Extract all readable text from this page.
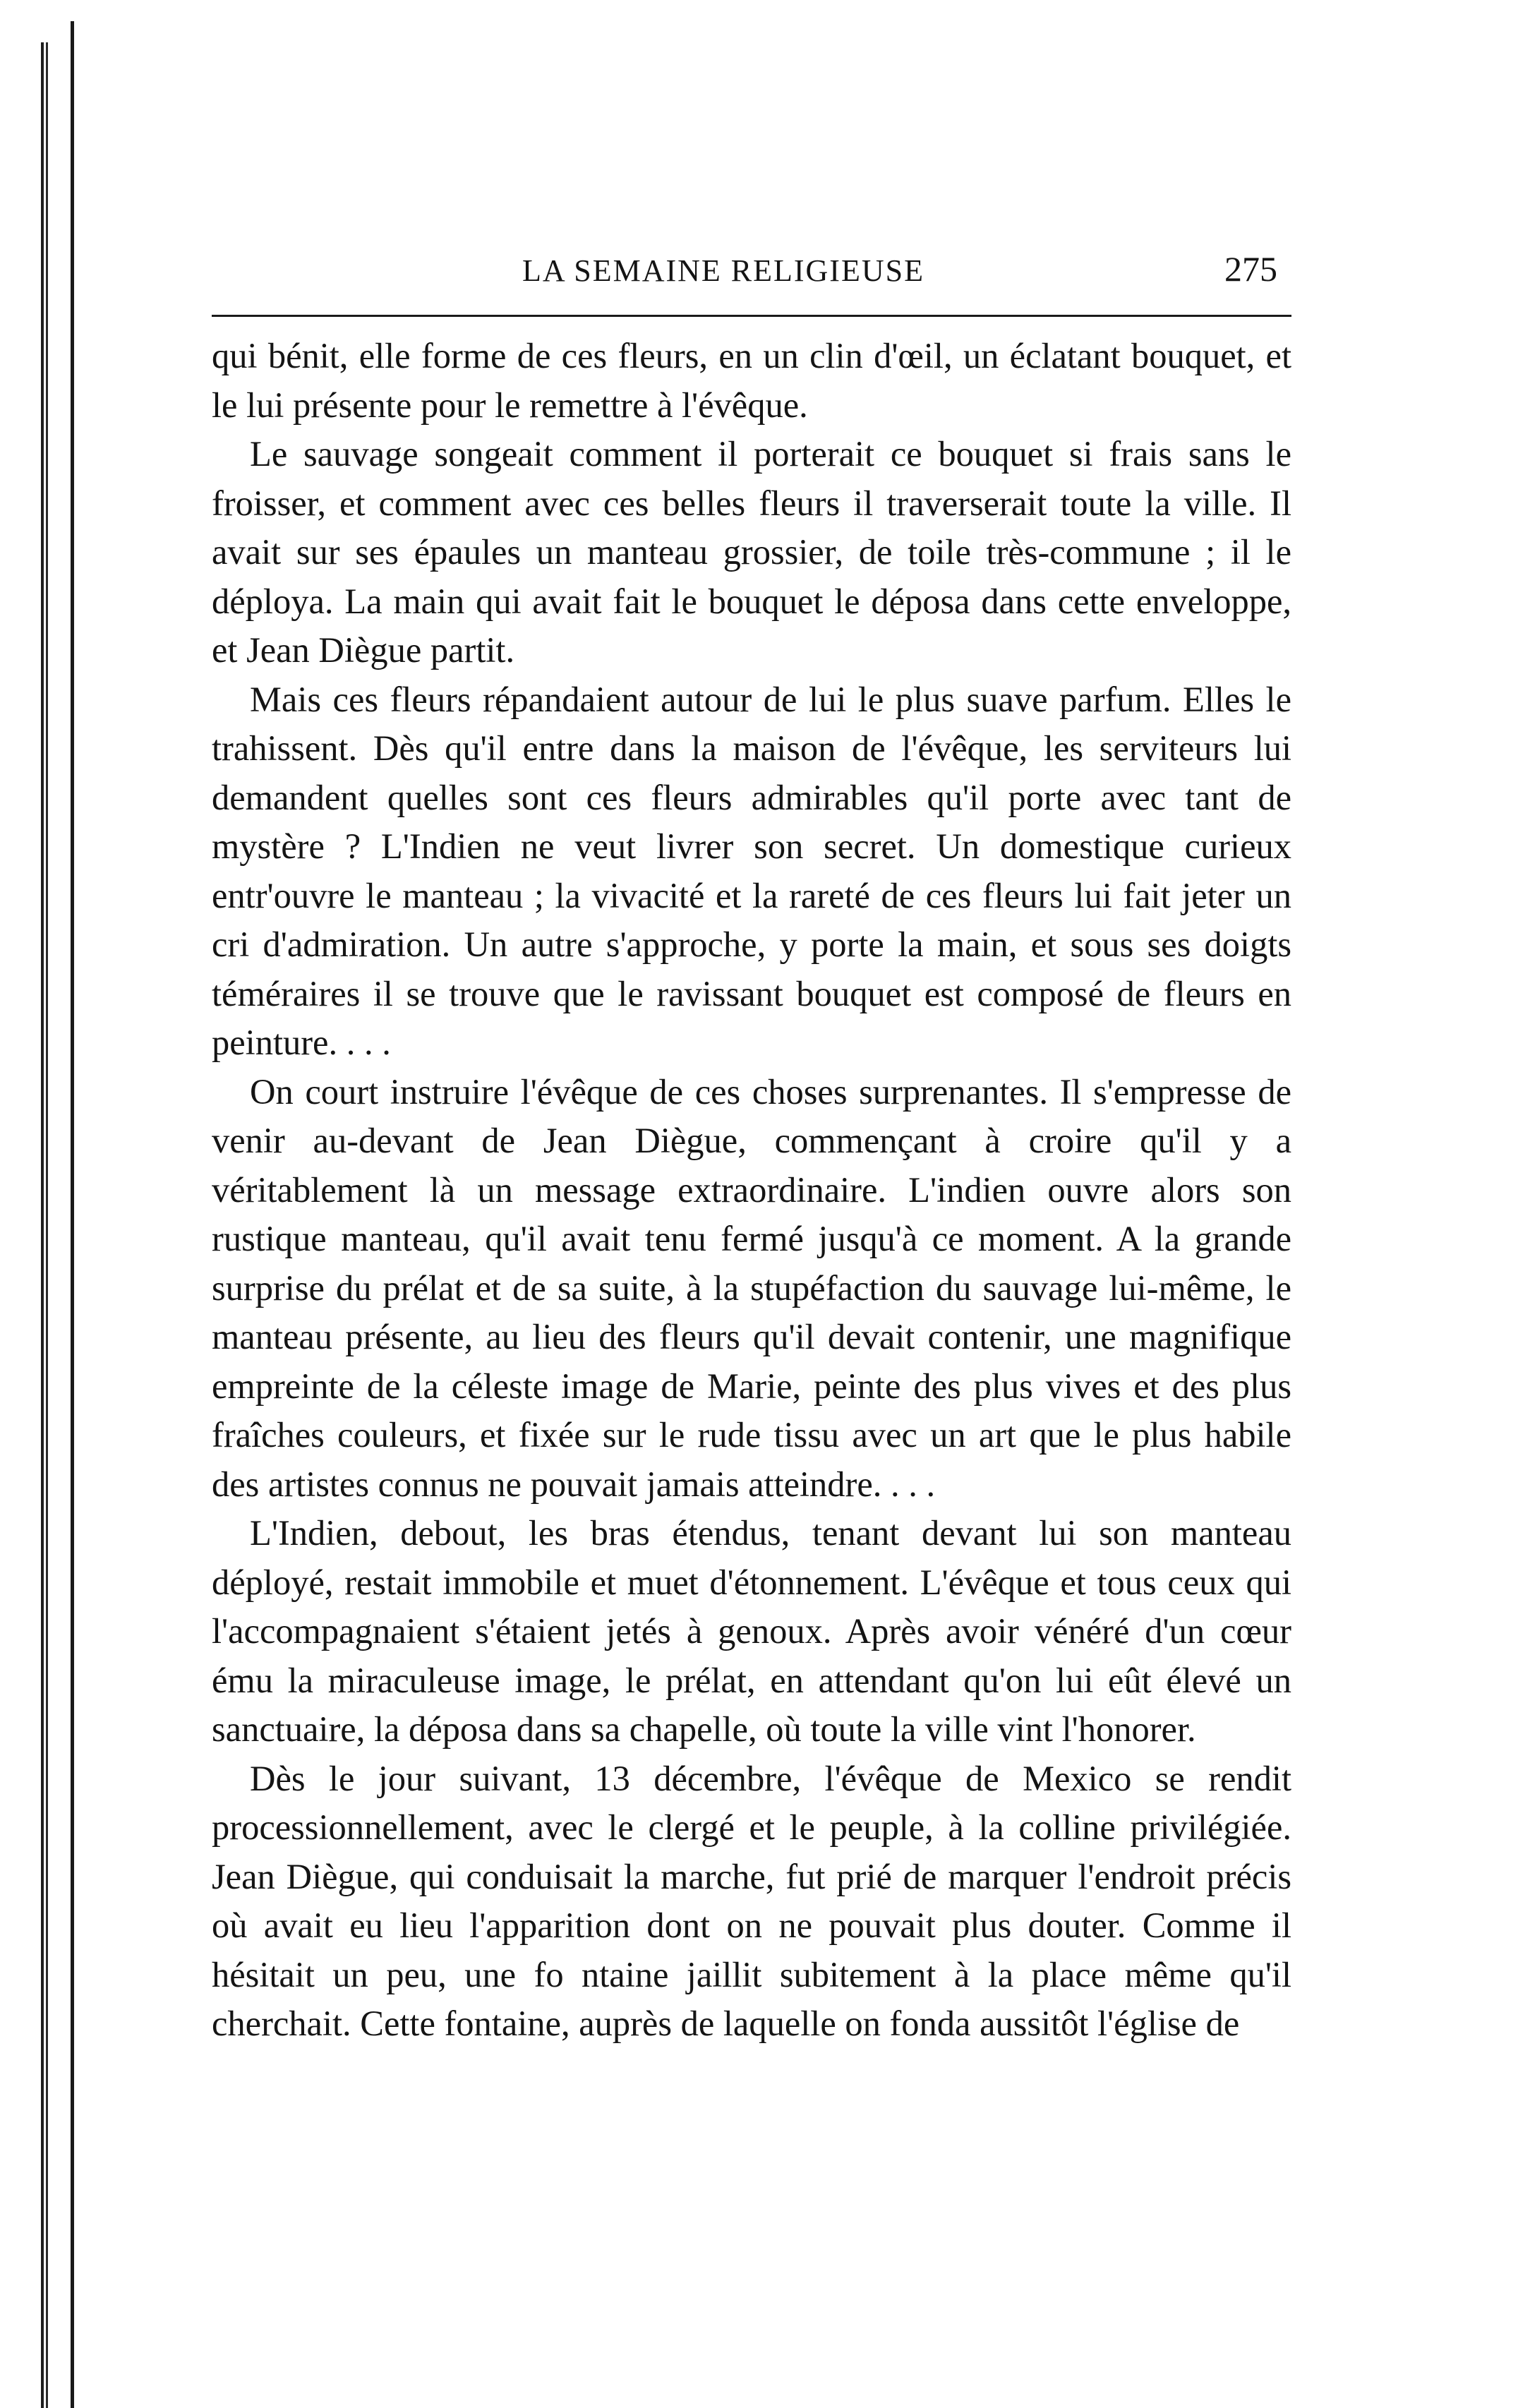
LA SEMAINE RELIGIEUSE	275

qui bénit, elle forme de ces fleurs, en un clin d'œil, un éclatant bouquet, et le lui présente pour le remettre à l'évêque.

Le sauvage songeait comment il porterait ce bouquet si frais sans le froisser, et comment avec ces belles fleurs il traverserait toute la ville. Il avait sur ses épaules un manteau grossier, de toile très-commune ; il le déploya. La main qui avait fait le bouquet le déposa dans cette enveloppe, et Jean Diègue partit.

Mais ces fleurs répandaient autour de lui le plus suave parfum. Elles le trahissent. Dès qu'il entre dans la maison de l'évêque, les serviteurs lui demandent quelles sont ces fleurs admirables qu'il porte avec tant de mystère ? L'Indien ne veut livrer son secret. Un domestique curieux entr'ouvre le manteau ; la vivacité et la rareté de ces fleurs lui fait jeter un cri d'admiration. Un autre s'approche, y porte la main, et sous ses doigts téméraires il se trouve que le ravissant bouquet est composé de fleurs en peinture. . . .

On court instruire l'évêque de ces choses surprenantes. Il s'empresse de venir au-devant de Jean Diègue, commençant à croire qu'il y a véritablement là un message extraordinaire. L'indien ouvre alors son rustique manteau, qu'il avait tenu fermé jusqu'à ce moment. A la grande surprise du prélat et de sa suite, à la stupéfaction du sauvage lui-même, le manteau présente, au lieu des fleurs qu'il devait contenir, une magnifique empreinte de la céleste image de Marie, peinte des plus vives et des plus fraîches couleurs, et fixée sur le rude tissu avec un art que le plus habile des artistes connus ne pouvait jamais atteindre. . . .

L'Indien, debout, les bras étendus, tenant devant lui son manteau déployé, restait immobile et muet d'étonnement. L'évêque et tous ceux qui l'accompagnaient s'étaient jetés à genoux. Après avoir vénéré d'un cœur ému la miraculeuse image, le prélat, en attendant qu'on lui eût élevé un sanctuaire, la déposa dans sa chapelle, où toute la ville vint l'honorer.

Dès le jour suivant, 13 décembre, l'évêque de Mexico se rendit processionnellement, avec le clergé et le peuple, à la colline privilégiée. Jean Diègue, qui conduisait la marche, fut prié de marquer l'endroit précis où avait eu lieu l'apparition dont on ne pouvait plus douter. Comme il hésitait un peu, une fo ntaine jaillit subitement à la place même qu'il cherchait. Cette fontaine, auprès de laquelle on fonda aussitôt l'église de
